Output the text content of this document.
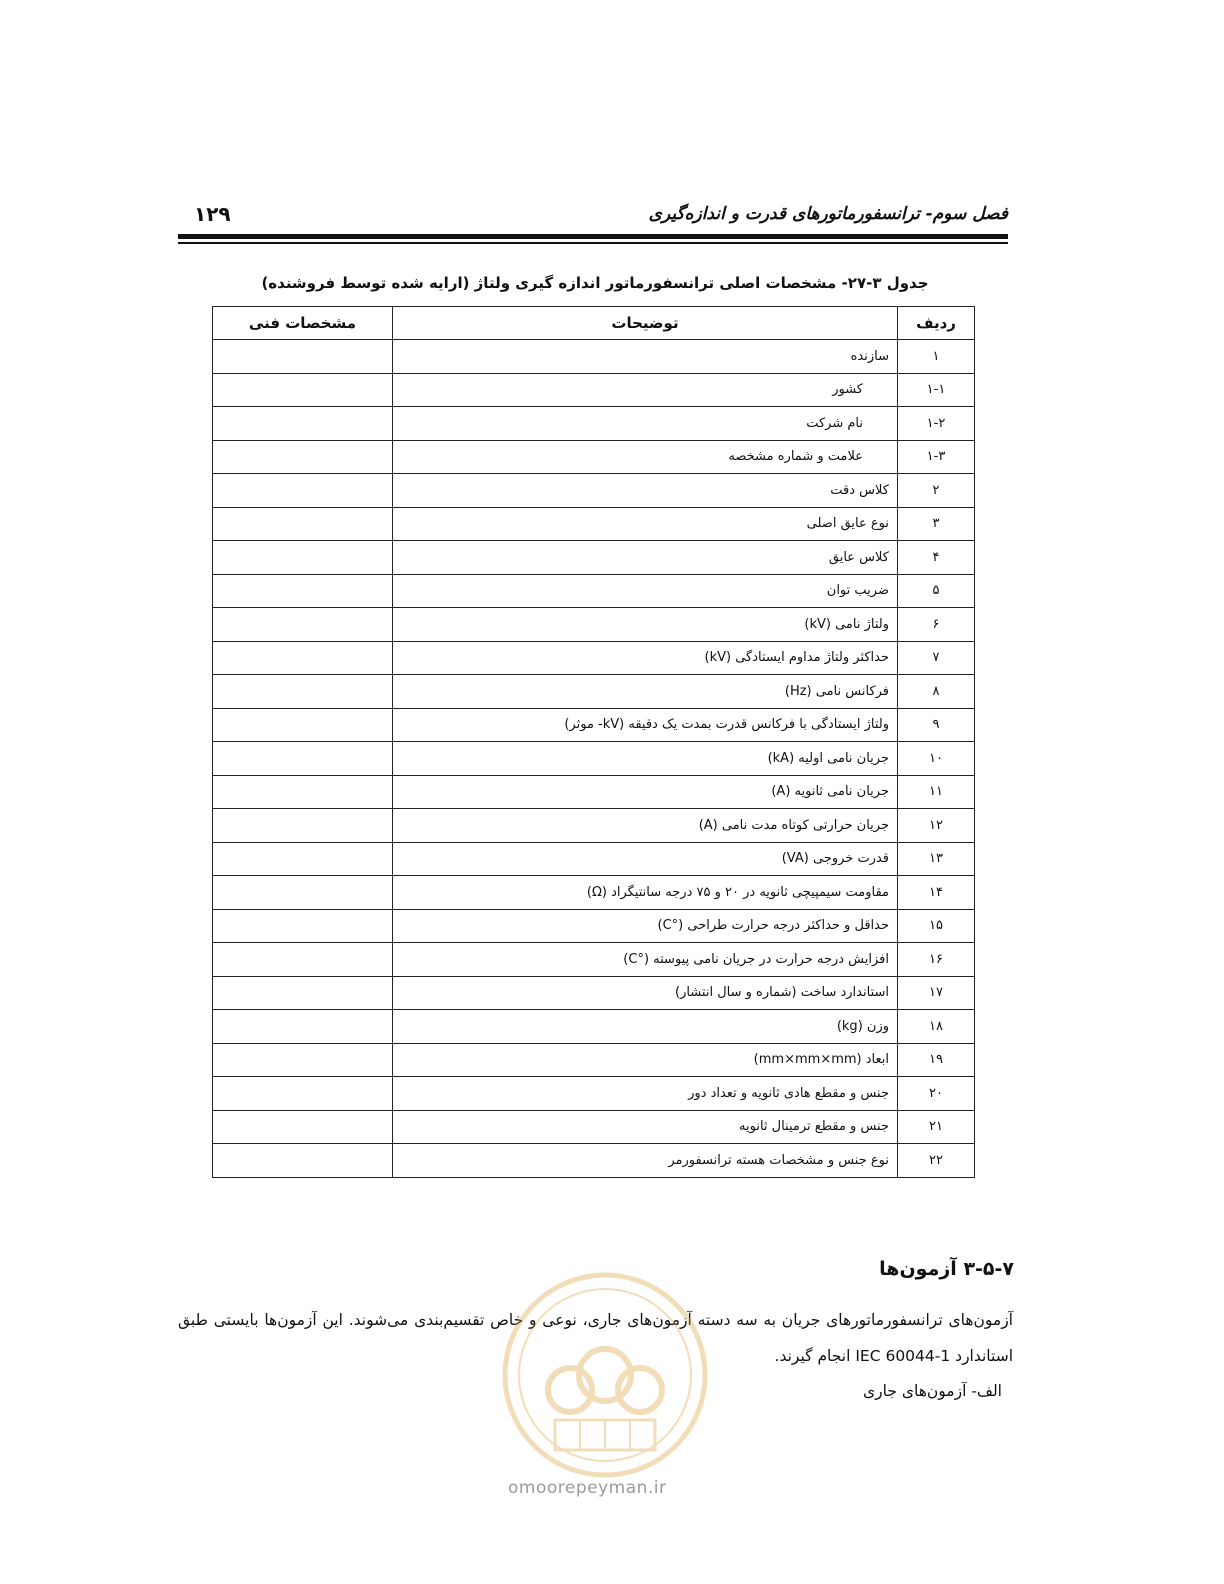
فصل سوم- ترانسفورماتورهای قدرت و اندازه‌گیری
۱۲۹
جدول ۳-۲۷- مشخصات اصلی ترانسفورماتور اندازه گیری ولتاژ (ارایه شده توسط فروشنده)
ردیف	توضیحات	مشخصات فنی
۱	سازنده	
۱-۱	کشور	
۱-۲	نام شرکت	
۱-۳	علامت و شماره مشخصه	
۲	کلاس دقت	
۳	نوع عایق اصلی	
۴	کلاس عایق	
۵	ضریب توان	
۶	ولتاژ نامی (kV)	
۷	حداکثر ولتاژ مداوم ایستادگی (kV)	
۸	فرکانس نامی (Hz)	
۹	ولتاژ ایستادگی با فرکانس قدرت بمدت یک دقیقه (kV- موثر)	
۱۰	جریان نامی اولیه (kA)	
۱۱	جریان نامی ثانویه (A)	
۱۲	جریان حرارتی کوتاه مدت نامی (A)	
۱۳	قدرت خروجی (VA)	
۱۴	مقاومت سیمپیچی ثانویه در ۲۰ و ۷۵ درجه سانتیگراد (Ω)	
۱۵	حداقل و حداکثر درجه حرارت طراحی (°C)	
۱۶	افزایش درجه حرارت در جریان نامی پیوسته (°C)	
۱۷	استاندارد ساخت (شماره و سال انتشار)	
۱۸	وزن (kg)	
۱۹	ابعاد (mm×mm×mm)	
۲۰	جنس و مقطع هادی ثانویه و تعداد دور	
۲۱	جنس و مقطع ترمینال ثانویه	
۲۲	نوع جنس و مشخصات هسته ترانسفورمر	
۳-۵-۷ آزمون‌ها
آزمون‌های ترانسفورماتورهای جریان به سه دسته آزمون‌های جاری، نوعی و خاص تقسیم‌بندی می‌شوند. این آزمون‌ها بایستی طبق استاندارد IEC 60044-1 انجام گیرند.
الف- آزمون‌های جاری
omoorepeyman.ir
